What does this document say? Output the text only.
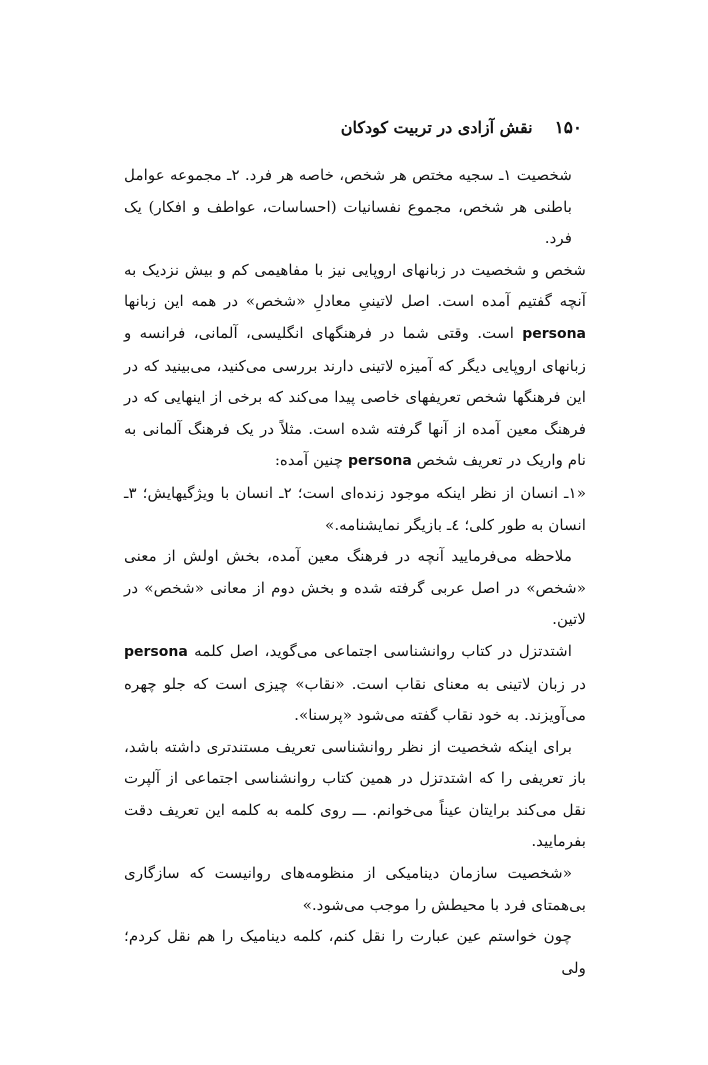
۱۵۰
نقش آزادی در تربیت کودکان

شخصیت ۱ـ سجیه مختص هر شخص، خاصه هر فرد. ۲ـ مجموعه عوامل باطنی هر شخص، مجموع نفسانیات (احساسات، عواطف و افکار) یک فرد.

شخص و شخصیت در زبانهای اروپایی نیز با مفاهیمی کم و بیش نزدیک به آنچه گفتیم آمده است. اصل لاتینیِ معادلِ «شخص» در همه این زبانها persona است. وقتی شما در فرهنگهای انگلیسی، آلمانی، فرانسه و زبانهای اروپایی دیگر که آمیزه لاتینی دارند بررسی می‌کنید، می‌بینید که در این فرهنگها شخص تعریفهای خاصی پیدا می‌کند که برخی از اینهایی که در فرهنگ معین آمده از آنها گرفته شده است. مثلاً در یک فرهنگ آلمانی به نام واریک در تعریف شخص persona چنین آمده:

«۱ـ انسان از نظر اینکه موجود زنده‌ای است؛ ۲ـ انسان با ویژگیهایش؛ ۳ـ انسان به طور کلی؛ ٤ـ بازیگر نمایشنامه.»

ملاحظه می‌فرمایید آنچه در فرهنگ معین آمده، بخش اولش از معنی «شخص» در اصل عربی گرفته شده و بخش دوم از معانی «شخص» در لاتین.

اشتدتزل در کتاب روانشناسی اجتماعی می‌گوید، اصل کلمه persona در زبان لاتینی به معنای نقاب است. «نقاب» چیزی است که جلو چهره می‌آویزند. به خود نقاب گفته می‌شود «پرسنا».

برای اینکه شخصیت از نظر روانشناسی تعریف مستندتری داشته باشد، باز تعریفی را که اشتدتزل در همین کتاب روانشناسی اجتماعی از آلپرت نقل می‌کند برایتان عیناً می‌خوانم. ـــ روی کلمه به کلمه این تعریف دقت بفرمایید.

«شخصیت سازمان دینامیکی از منظومه‌های روانیست که سازگاری بی‌همتای فرد با محیطش را موجب می‌شود.»

چون خواستم عین عبارت را نقل کنم، کلمه دینامیک را هم نقل کردم؛ ولی
